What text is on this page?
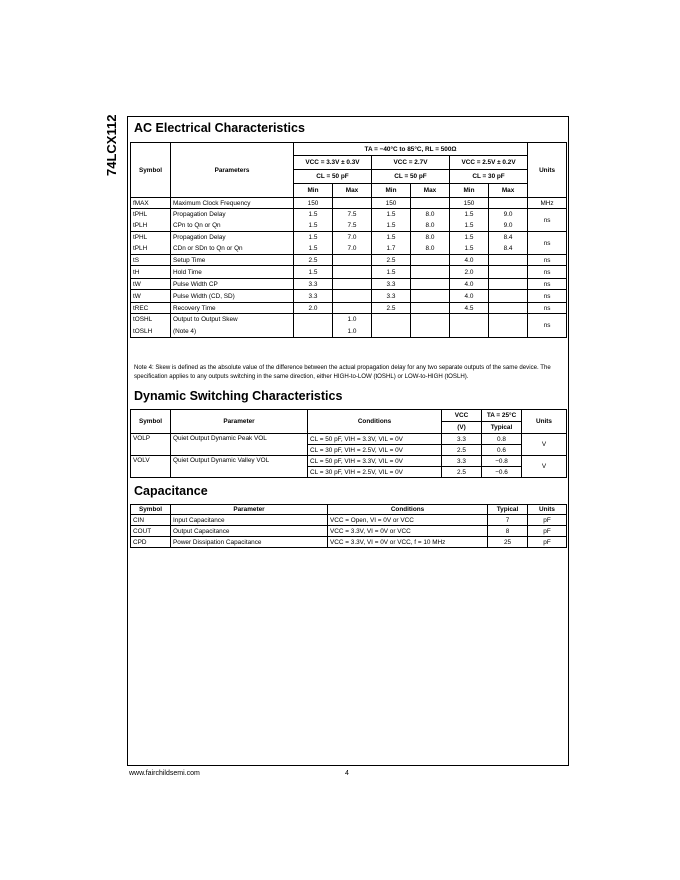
74LCX112 AC Electrical Characteristics
Symbol	Parameters	TA = −40°C to 85°C, RL = 500Ω						Units
		VCC = 3.3V ± 0.3V		VCC = 2.7V		VCC = 2.5V ± 0.2V		
		CL = 50 pF		CL = 50 pF		CL = 30 pF		
		Min	Max	Min	Max	Min	Max	
fMAX	Maximum Clock Frequency	150		150		150		MHz
tPHL	Propagation Delay	1.5	7.5	1.5	8.0	1.5	9.0	ns
tPLH	CPn to Qn or Qn	1.5	7.5	1.5	8.0	1.5	9.0	
tPHL	Propagation Delay	1.5	7.0	1.5	8.0	1.5	8.4	ns
tPLH	CDn or SDn to Qn or Qn	1.5	7.0	1.7	8.0	1.5	8.4	
tS	Setup Time	2.5		2.5		4.0		ns
tH	Hold Time	1.5		1.5		2.0		ns
tW	Pulse Width CP	3.3		3.3		4.0		ns
tW	Pulse Width (CD, SD)	3.3		3.3		4.0		ns
tREC	Recovery Time	2.0		2.5		4.5		ns
tOSHL	Output to Output Skew		1.0					ns
tOSLH	(Note 4)		1.0					
Note 4: Skew is defined as the absolute value of the difference between the actual propagation delay for any two separate outputs of the same device. The specification applies to any outputs switching in the same direction, either HIGH-to-LOW (tOSHL) or LOW-to-HIGH (tOSLH).
Dynamic Switching Characteristics
Symbol	Parameter	Conditions	VCC	TA = 25°C	Units
			(V)	Typical	
VOLP	Quiet Output Dynamic Peak VOL	CL = 50 pF, VIH = 3.3V, VIL = 0V	3.3	0.8	V
		CL = 30 pF, VIH = 2.5V, VIL = 0V	2.5	0.6	
VOLV	Quiet Output Dynamic Valley VOL	CL = 50 pF, VIH = 3.3V, VIL = 0V	3.3	−0.8	V
		CL = 30 pF, VIH = 2.5V, VIL = 0V	2.5	−0.6	
Capacitance
Symbol	Parameter	Conditions	Typical	Units
CIN	Input Capacitance	VCC = Open, VI = 0V or VCC	7	pF
COUT	Output Capacitance	VCC = 3.3V, VI = 0V or VCC	8	pF
CPD	Power Dissipation Capacitance	VCC = 3.3V, VI = 0V or VCC, f = 10 MHz	25	pF
www.fairchildsemi.com	4
